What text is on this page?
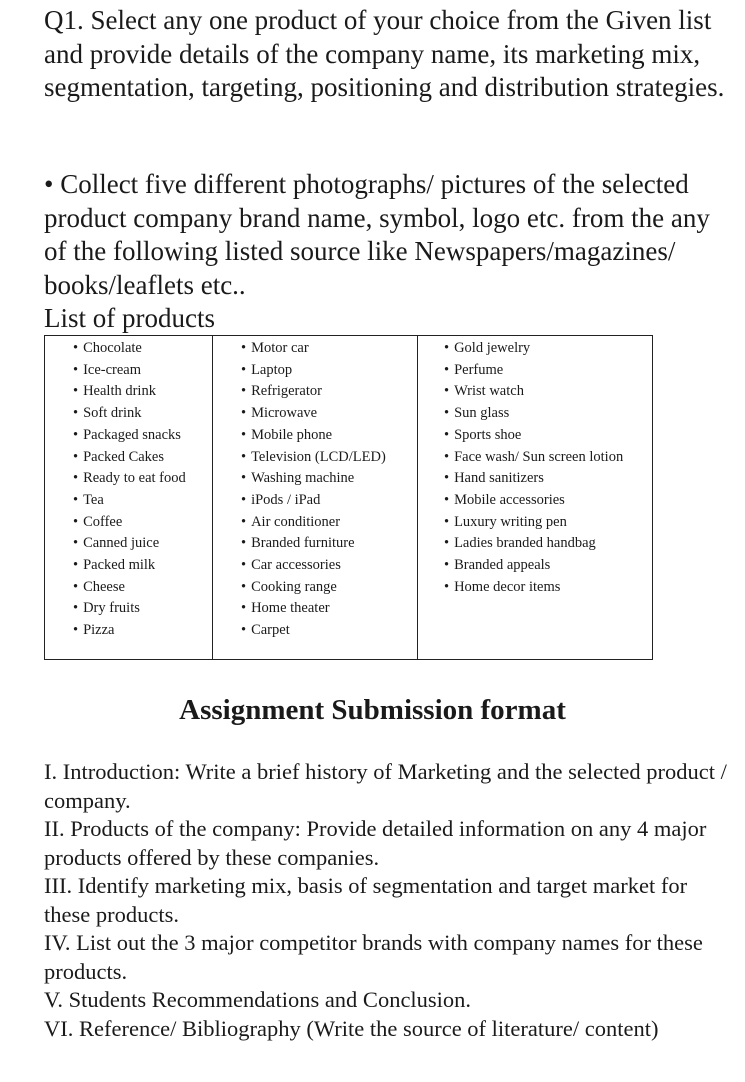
Q1. Select any one product of your choice from the Given list and provide details of the company name, its marketing mix, segmentation, targeting, positioning and distribution strategies.

• Collect five different photographs/ pictures of the selected product company brand name, symbol, logo etc. from the any of the following listed source like Newspapers/magazines/ books/leaflets etc..

List of products

• Chocolate
• Ice-cream
• Health drink
• Soft drink
• Packaged snacks
• Packed Cakes
• Ready to eat food
• Tea
• Coffee
• Canned juice
• Packed milk
• Cheese
• Dry fruits
• Pizza
• Motor car
• Laptop
• Refrigerator
• Microwave
• Mobile phone
• Television (LCD/LED)
• Washing machine
• iPods / iPad
• Air conditioner
• Branded furniture
• Car accessories
• Cooking range
• Home theater
• Carpet
• Gold jewelry
• Perfume
• Wrist watch
• Sun glass
• Sports shoe
• Face wash/ Sun screen lotion
• Hand sanitizers
• Mobile accessories
• Luxury writing pen
• Ladies branded handbag
• Branded appeals
• Home decor items
Assignment Submission format
I. Introduction: Write a brief history of Marketing and the selected product / company.
II. Products of the company: Provide detailed information on any 4 major products offered by these companies.
III. Identify marketing mix, basis of segmentation and target market for these products.
IV. List out the 3 major competitor brands with company names for these products.
V. Students Recommendations and Conclusion.
VI. Reference/ Bibliography (Write the source of literature/ content)
